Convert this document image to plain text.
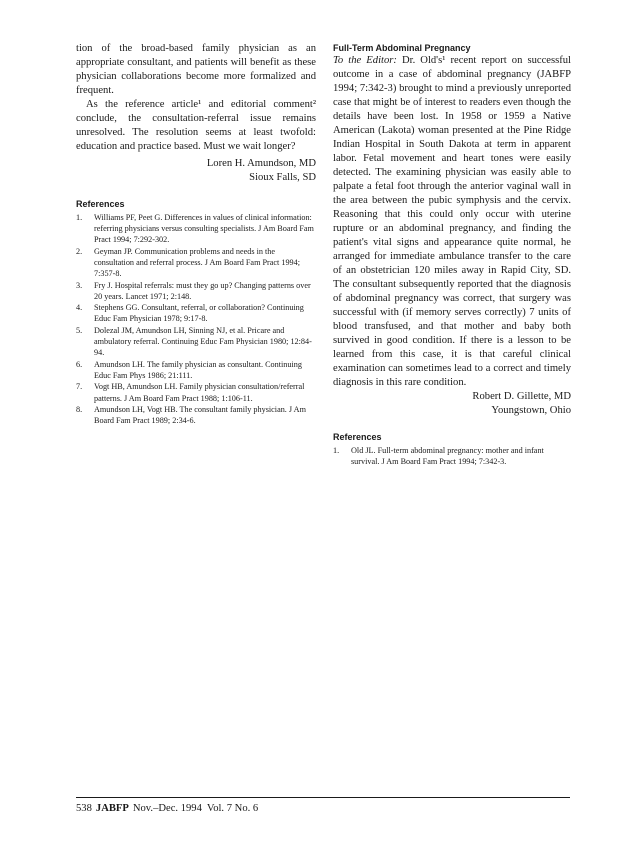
tion of the broad-based family physician as an appropriate consultant, and patients will benefit as these physician collaborations become more formalized and frequent.

As the reference article¹ and editorial comment² conclude, the consultation-referral issue remains unresolved. The resolution seems at least twofold: education and practice based. Must we wait longer?

Loren H. Amundson, MD
Sioux Falls, SD
References
1. Williams PF, Peet G. Differences in values of clinical information: referring physicians versus consulting specialists. J Am Board Fam Pract 1994; 7:292-302.
2. Geyman JP. Communication problems and needs in the consultation and referral process. J Am Board Fam Pract 1994; 7:357-8.
3. Fry J. Hospital referrals: must they go up? Changing patterns over 20 years. Lancet 1971; 2:148.
4. Stephens GG. Consultant, referral, or collaboration? Continuing Educ Fam Physician 1978; 9:17-8.
5. Dolezal JM, Amundson LH, Sinning NJ, et al. Pricare and ambulatory referral. Continuing Educ Fam Physician 1980; 12:84-94.
6. Amundson LH. The family physician as consultant. Continuing Educ Fam Phys 1986; 21:111.
7. Vogt HB, Amundson LH. Family physician consultation/referral patterns. J Am Board Fam Pract 1988; 1:106-11.
8. Amundson LH, Vogt HB. The consultant family physician. J Am Board Fam Pract 1989; 2:34-6.
Full-Term Abdominal Pregnancy

To the Editor: Dr. Old's¹ recent report on successful outcome in a case of abdominal pregnancy (JABFP 1994; 7:342-3) brought to mind a previously unreported case that might be of interest to readers even though the details have been lost. In 1958 or 1959 a Native American (Lakota) woman presented at the Pine Ridge Indian Hospital in South Dakota at term in apparent labor. Fetal movement and heart tones were easily detected. The examining physician was easily able to palpate a fetal foot through the anterior vaginal wall in the area between the pubic symphysis and the cervix. Reasoning that this could only occur with uterine rupture or an abdominal pregnancy, and finding the patient's vital signs and appearance quite normal, he arranged for immediate ambulance transfer to the care of an obstetrician 120 miles away in Rapid City, SD. The consultant subsequently reported that the diagnosis of abdominal pregnancy was correct, that surgery was successful with (if memory serves correctly) 7 units of blood transfused, and that mother and baby both survived in good condition. If there is a lesson to be learned from this case, it is that careful clinical examination can sometimes lead to a correct and timely diagnosis in this rare condition.

Robert D. Gillette, MD
Youngstown, Ohio
References
1. Old JL. Full-term abdominal pregnancy: mother and infant survival. J Am Board Fam Pract 1994; 7:342-3.
538 JABFP Nov.–Dec. 1994 Vol. 7 No. 6
